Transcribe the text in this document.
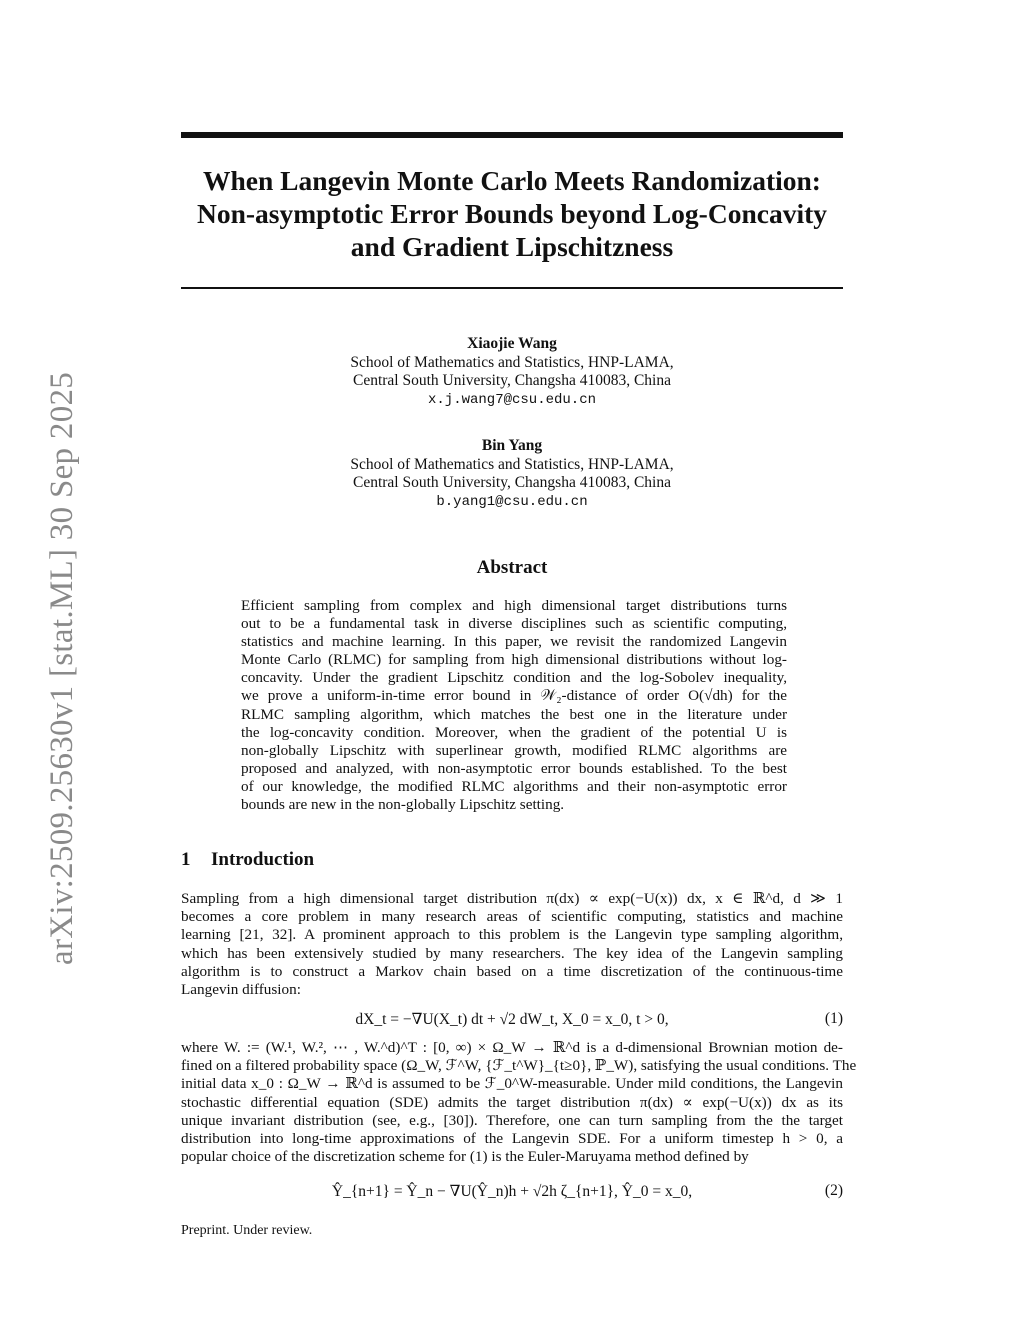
arXiv:2509.25630v1 [stat.ML] 30 Sep 2025
When Langevin Monte Carlo Meets Randomization:
Non-asymptotic Error Bounds beyond Log-Concavity
and Gradient Lipschitzness
Xiaojie Wang
School of Mathematics and Statistics, HNP-LAMA,
Central South University, Changsha 410083, China
x.j.wang7@csu.edu.cn
Bin Yang
School of Mathematics and Statistics, HNP-LAMA,
Central South University, Changsha 410083, China
b.yang1@csu.edu.cn
Abstract
Efficient sampling from complex and high dimensional target distributions turns
out to be a fundamental task in diverse disciplines such as scientific computing,
statistics and machine learning. In this paper, we revisit the randomized Langevin
Monte Carlo (RLMC) for sampling from high dimensional distributions without log-
concavity. Under the gradient Lipschitz condition and the log-Sobolev inequality,
we prove a uniform-in-time error bound in 𝒲₂-distance of order O(√dh) for the
RLMC sampling algorithm, which matches the best one in the literature under
the log-concavity condition. Moreover, when the gradient of the potential U is
non-globally Lipschitz with superlinear growth, modified RLMC algorithms are
proposed and analyzed, with non-asymptotic error bounds established. To the best
of our knowledge, the modified RLMC algorithms and their non-asymptotic error
bounds are new in the non-globally Lipschitz setting.
1 Introduction
Sampling from a high dimensional target distribution π(dx) ∝ exp(−U(x)) dx, x ∈ ℝ^d, d ≫ 1
becomes a core problem in many research areas of scientific computing, statistics and machine
learning [21, 32]. A prominent approach to this problem is the Langevin type sampling algorithm,
which has been extensively studied by many researchers. The key idea of the Langevin sampling
algorithm is to construct a Markov chain based on a time discretization of the continuous-time
Langevin diffusion:
dX_t = −∇U(X_t) dt + √2 dW_t, X_0 = x_0, t > 0,	(1)
where W. := (W.¹, W.², ⋯ , W.^d)^T : [0, ∞) × Ω_W → ℝ^d is a d-dimensional Brownian motion de-
fined on a filtered probability space (Ω_W, ℱ^W, {ℱ_t^W}_{t≥0}, ℙ_W), satisfying the usual conditions. The
initial data x_0 : Ω_W → ℝ^d is assumed to be ℱ_0^W-measurable. Under mild conditions, the Langevin
stochastic differential equation (SDE) admits the target distribution π(dx) ∝ exp(−U(x)) dx as its
unique invariant distribution (see, e.g., [30]). Therefore, one can turn sampling from the the target
distribution into long-time approximations of the Langevin SDE. For a uniform timestep h > 0, a
popular choice of the discretization scheme for (1) is the Euler-Maruyama method defined by
Ŷ_{n+1} = Ŷ_n − ∇U(Ŷ_n)h + √2h ζ_{n+1}, Ŷ_0 = x_0,	(2)
Preprint. Under review.
